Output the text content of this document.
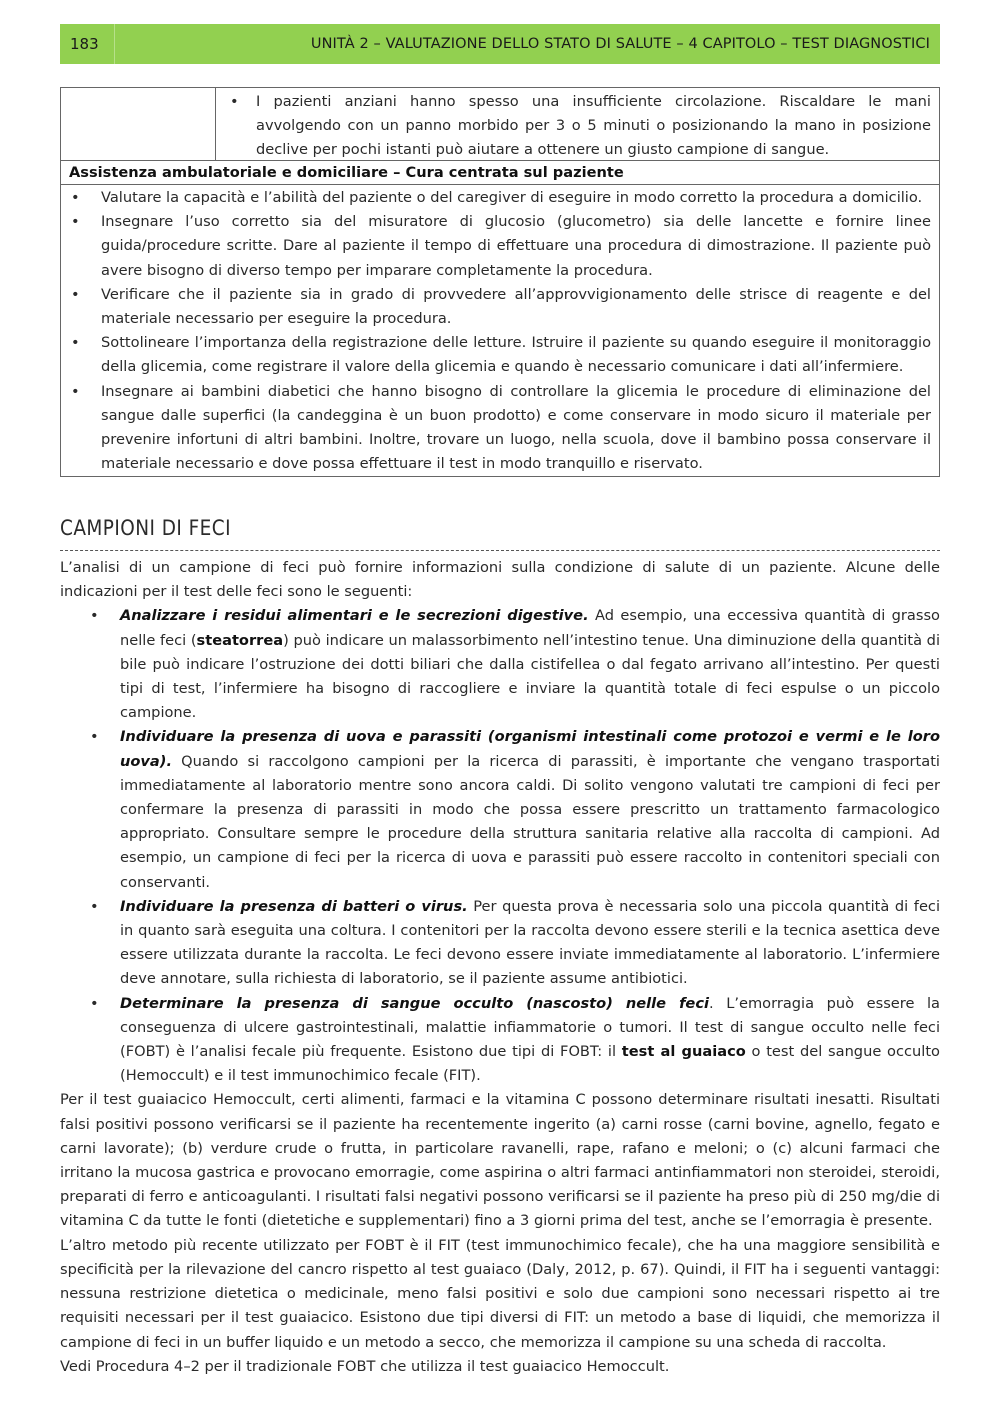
183	UNITÀ 2 – VALUTAZIONE DELLO STATO DI SALUTE – 4 CAPITOLO – TEST DIAGNOSTICI
• I pazienti anziani hanno spesso una insufficiente circolazione. Riscaldare le mani avvolgendo con un panno morbido per 3 o 5 minuti o posizionando la mano in posizione declive per pochi istanti può aiutare a ottenere un giusto campione di sangue.
Assistenza ambulatoriale e domiciliare – Cura centrata sul paziente
• Valutare la capacità e l’abilità del paziente o del caregiver di eseguire in modo corretto la procedura a domicilio.
• Insegnare l’uso corretto sia del misuratore di glucosio (glucometro) sia delle lancette e fornire linee guida/procedure scritte. Dare al paziente il tempo di effettuare una procedura di dimostrazione. Il paziente può avere bisogno di diverso tempo per imparare completamente la procedura.
• Verificare che il paziente sia in grado di provvedere all’approvvigionamento delle strisce di reagente e del materiale necessario per eseguire la procedura.
• Sottolineare l’importanza della registrazione delle letture. Istruire il paziente su quando eseguire il monitoraggio della glicemia, come registrare il valore della glicemia e quando è necessario comunicare i dati all’infermiere.
• Insegnare ai bambini diabetici che hanno bisogno di controllare la glicemia le procedure di eliminazione del sangue dalle superfici (la candeggina è un buon prodotto) e come conservare in modo sicuro il materiale per prevenire infortuni di altri bambini. Inoltre, trovare un luogo, nella scuola, dove il bambino possa conservare il materiale necessario e dove possa effettuare il test in modo tranquillo e riservato.
CAMPIONI DI FECI

L’analisi di un campione di feci può fornire informazioni sulla condizione di salute di un paziente. Alcune delle indicazioni per il test delle feci sono le seguenti:

• Analizzare i residui alimentari e le secrezioni digestive. Ad esempio, una eccessiva quantità di grasso nelle feci (steatorrea) può indicare un malassorbimento nell’intestino tenue. Una diminuzione della quantità di bile può indicare l’ostruzione dei dotti biliari che dalla cistifellea o dal fegato arrivano all’intestino. Per questi tipi di test, l’infermiere ha bisogno di raccogliere e inviare la quantità totale di feci espulse o un piccolo campione.
• Individuare la presenza di uova e parassiti (organismi intestinali come protozoi e vermi e le loro uova). Quando si raccolgono campioni per la ricerca di parassiti, è importante che vengano trasportati immediatamente al laboratorio mentre sono ancora caldi. Di solito vengono valutati tre campioni di feci per confermare la presenza di parassiti in modo che possa essere prescritto un trattamento farmacologico appropriato. Consultare sempre le procedure della struttura sanitaria relative alla raccolta di campioni. Ad esempio, un campione di feci per la ricerca di uova e parassiti può essere raccolto in contenitori speciali con conservanti.
• Individuare la presenza di batteri o virus. Per questa prova è necessaria solo una piccola quantità di feci in quanto sarà eseguita una coltura. I contenitori per la raccolta devono essere sterili e la tecnica asettica deve essere utilizzata durante la raccolta. Le feci devono essere inviate immediatamente al laboratorio. L’infermiere deve annotare, sulla richiesta di laboratorio, se il paziente assume antibiotici.
• Determinare la presenza di sangue occulto (nascosto) nelle feci. L’emorragia può essere la conseguenza di ulcere gastrointestinali, malattie infiammatorie o tumori. Il test di sangue occulto nelle feci (FOBT) è l’analisi fecale più frequente. Esistono due tipi di FOBT: il test al guaiaco o test del sangue occulto (Hemoccult) e il test immunochimico fecale (FIT).

Per il test guaiacico Hemoccult, certi alimenti, farmaci e la vitamina C possono determinare risultati inesatti. Risultati falsi positivi possono verificarsi se il paziente ha recentemente ingerito (a) carni rosse (carni bovine, agnello, fegato e carni lavorate); (b) verdure crude o frutta, in particolare ravanelli, rape, rafano e meloni; o (c) alcuni farmaci che irritano la mucosa gastrica e provocano emorragie, come aspirina o altri farmaci antinfiammatori non steroidei, steroidi, preparati di ferro e anticoagulanti. I risultati falsi negativi possono verificarsi se il paziente ha preso più di 250 mg/die di vitamina C da tutte le fonti (dietetiche e supplementari) fino a 3 giorni prima del test, anche se l’emorragia è presente.

L’altro metodo più recente utilizzato per FOBT è il FIT (test immunochimico fecale), che ha una maggiore sensibilità e specificità per la rilevazione del cancro rispetto al test guaiaco (Daly, 2012, p. 67). Quindi, il FIT ha i seguenti vantaggi: nessuna restrizione dietetica o medicinale, meno falsi positivi e solo due campioni sono necessari rispetto ai tre requisiti necessari per il test guaiacico. Esistono due tipi diversi di FIT: un metodo a base di liquidi, che memorizza il campione di feci in un buffer liquido e un metodo a secco, che memorizza il campione su una scheda di raccolta.

Vedi Procedura 4–2 per il tradizionale FOBT che utilizza il test guaiacico Hemoccult.
